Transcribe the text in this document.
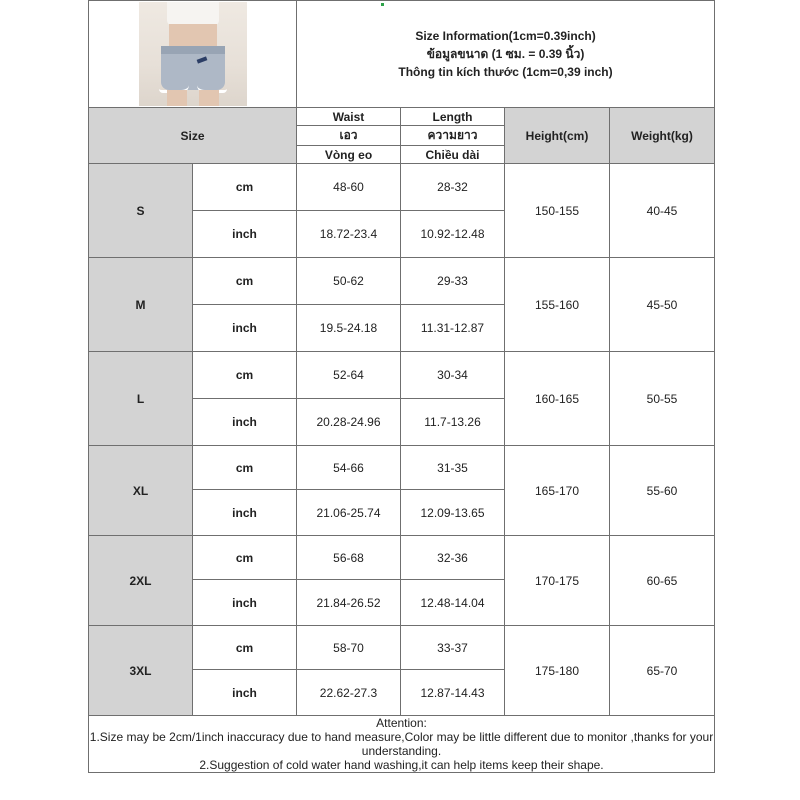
		Size Information(1cm=0.39inch)
ข้อมูลขนาด (1 ซม. = 0.39 นิ้ว)
Thông tin kích thước (1cm=0,39 inch)			

Size		Waist	Length	Height(cm)	Weight(kg)
		เอว	ความยาว		
		Vòng eo	Chiều dài		
S	cm	48-60	28-32	150-155	40-45
	inch	18.72-23.4	10.92-12.48		
M	cm	50-62	29-33	155-160	45-50
	inch	19.5-24.18	11.31-12.87		
L	cm	52-64	30-34	160-165	50-55
	inch	20.28-24.96	11.7-13.26		
XL	cm	54-66	31-35	165-170	55-60
	inch	21.06-25.74	12.09-13.65		
2XL	cm	56-68	32-36	170-175	60-65
	inch	21.84-26.52	12.48-14.04		
3XL	cm	58-70	33-37	175-180	65-70
	inch	22.62-27.3	12.87-14.43		

Attention:
1.Size may be 2cm/1inch inaccuracy due to hand measure,Color may be little different due to monitor ,thanks for your understanding.
2.Suggestion of cold water hand washing,it can help items keep their shape.					
